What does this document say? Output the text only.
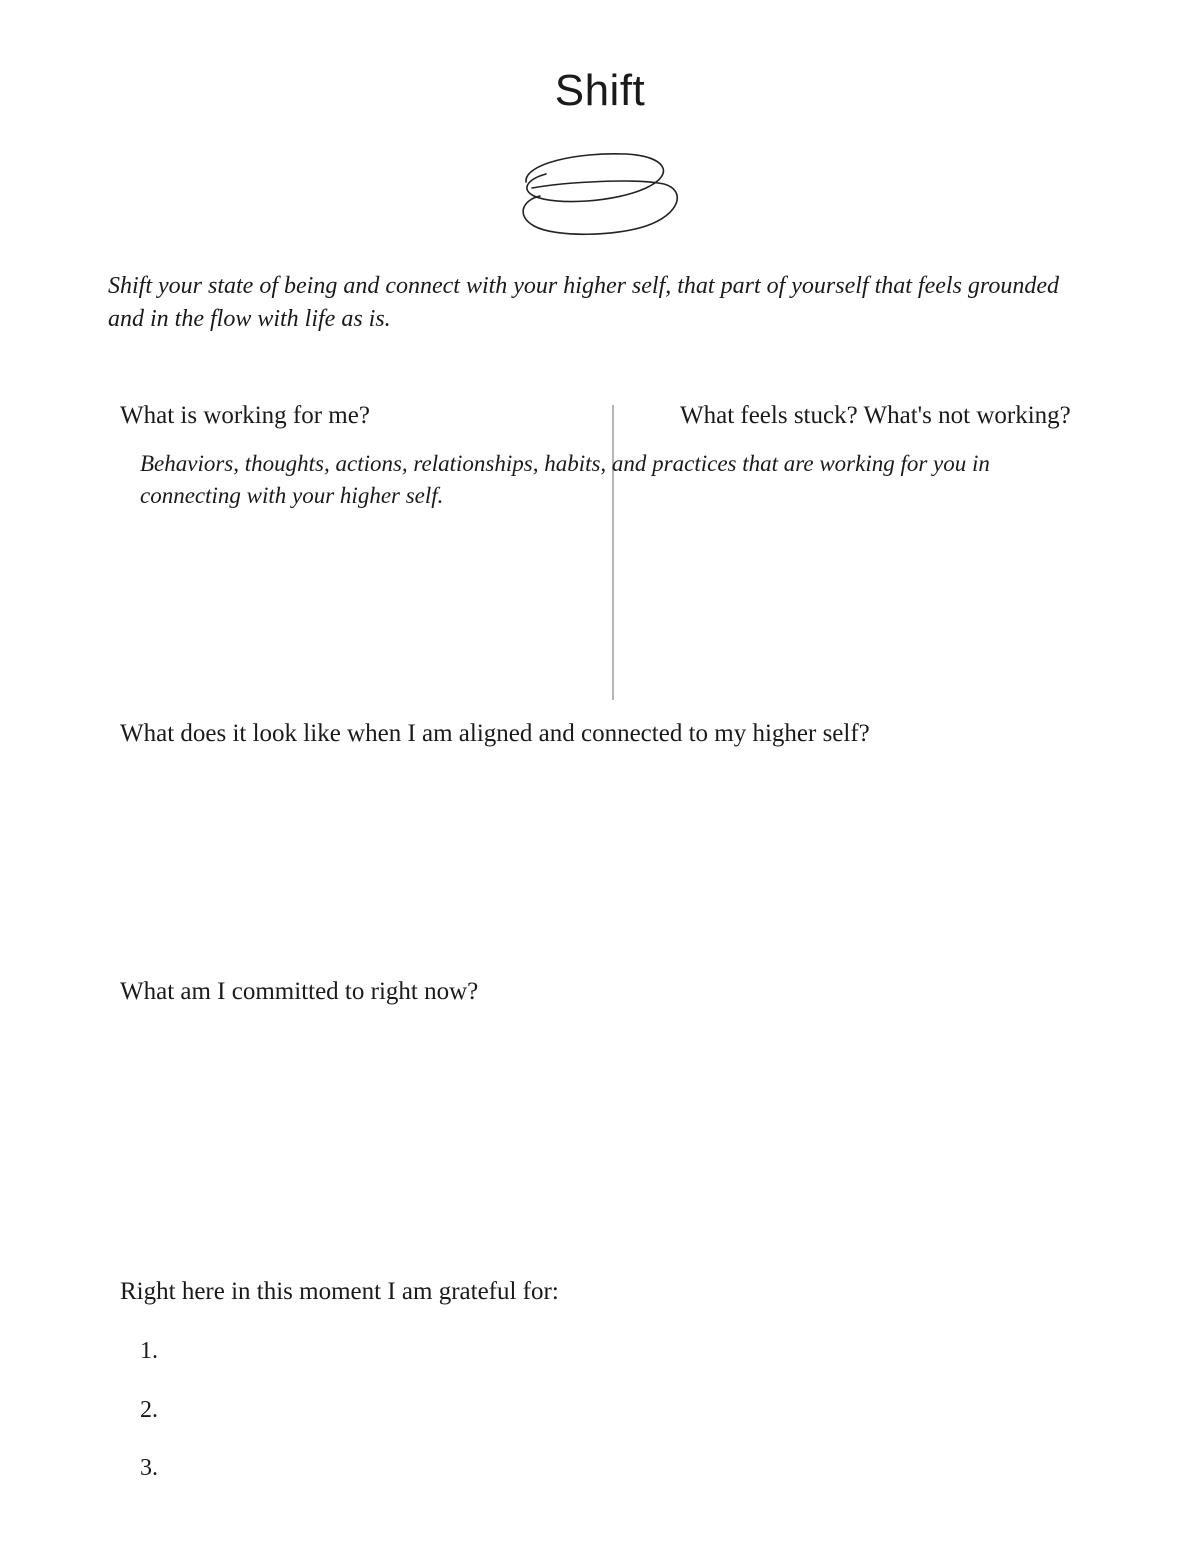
Shift

Shift your state of being and connect with your higher self, that part of yourself that feels grounded and in the flow with life as is.

What is working for me?	What feels stuck? What's not working?

Behaviors, thoughts, actions, relationships, habits, and practices that are working for you in connecting with your higher self.

What does it look like when I am aligned and connected to my higher self?

What am I committed to right now?

Right here in this moment I am grateful for:

1.

2.

3.
